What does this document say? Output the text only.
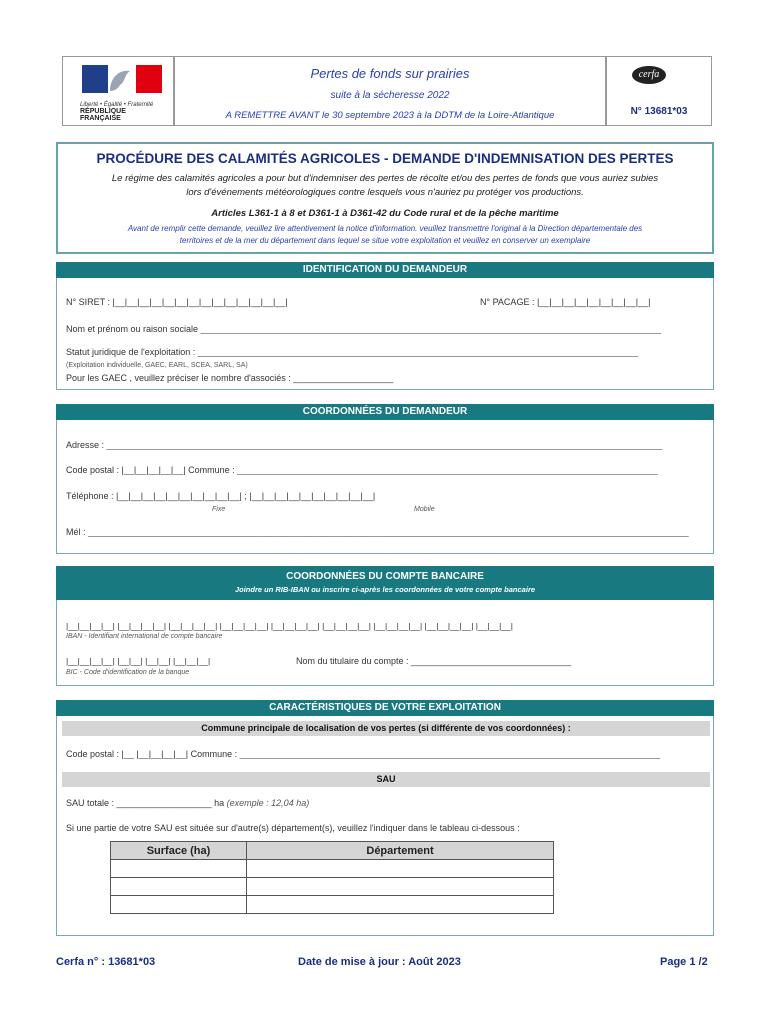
Liberté • Égalité • Fraternité
RÉPUBLIQUE FRANÇAISE
Pertes de fonds sur prairies
suite à la sécheresse 2022
A REMETTRE AVANT le 30 septembre 2023 à la DDTM de la Loire-Atlantique
cerfa
N° 13681*03
PROCÉDURE DES CALAMITÉS AGRICOLES - DEMANDE D'INDEMNISATION DES PERTES
Le régime des calamités agricoles a pour but d'indemniser des pertes de récolte et/ou des pertes de fonds que vous auriez subies
lors d'événements météorologiques contre lesquels vous n'auriez pu protéger vos productions.
Articles L361-1 à 8 et D361-1 à D361-42 du Code rural et de la pêche maritime
Avant de remplir cette demande, veuillez lire attentivement la notice d'information. veuillez transmettre l'original à la Direction départementale des
territoires et de la mer du département dans lequel se situe votre exploitation et veuillez en conserver un exemplaire
IDENTIFICATION DU DEMANDEUR
N° SIRET : |__|__|__|__|__|__|__|__|__|__|__|__|__|__|	N° PACAGE : |__|__|__|__|__|__|__|__|__|
Nom et prénom ou raison sociale ____________________________________________________________________________________________
Statut juridique de l'exploitation : ________________________________________________________________________________________
(Exploitation individuelle, GAEC, EARL, SCEA, SARL, SA)
Pour les GAEC , veuillez préciser le nombre d'associés : ____________________
COORDONNÉES DU DEMANDEUR
Adresse : _______________________________________________________________________________________________________________
Code postal : |__|__|__|__|__| Commune : ____________________________________________________________________________________
Téléphone : |__|__|__|__|__|__|__|__|__|__| ; |__|__|__|__|__|__|__|__|__|__|
Fixe	Mobile
Mél : ________________________________________________________________________________________________________________________
COORDONNÉES DU COMPTE BANCAIRE
Joindre un RIB-IBAN ou inscrire ci-après les coordonnées de votre compte bancaire
|__|__|__|__| |__|__|__|__| |__|__|__|__| |__|__|__|__| |__|__|__|__| |__|__|__|__| |__|__|__|__| |__|__|__|__| |__|__|__|
IBAN - Identifiant international de compte bancaire
|__|__|__|__| |__|__| |__|__| |__|__|__|	Nom du titulaire du compte : ________________________________
BIC - Code d'identification de la banque
CARACTÉRISTIQUES DE VOTRE EXPLOITATION
Commune principale de localisation de vos pertes (si différente de vos coordonnées) :
Code postal : |__ |__|__|__|__| Commune : ____________________________________________________________________________________
SAU
SAU totale : ___________________ ha (exemple : 12,04 ha)
Si une partie de votre SAU est située sur d'autre(s) département(s), veuillez l'indiquer dans le tableau ci-dessous :
Surface (ha)	Département

Cerfa n° : 13681*03	Date de mise à jour : Août 2023	Page 1 /2
